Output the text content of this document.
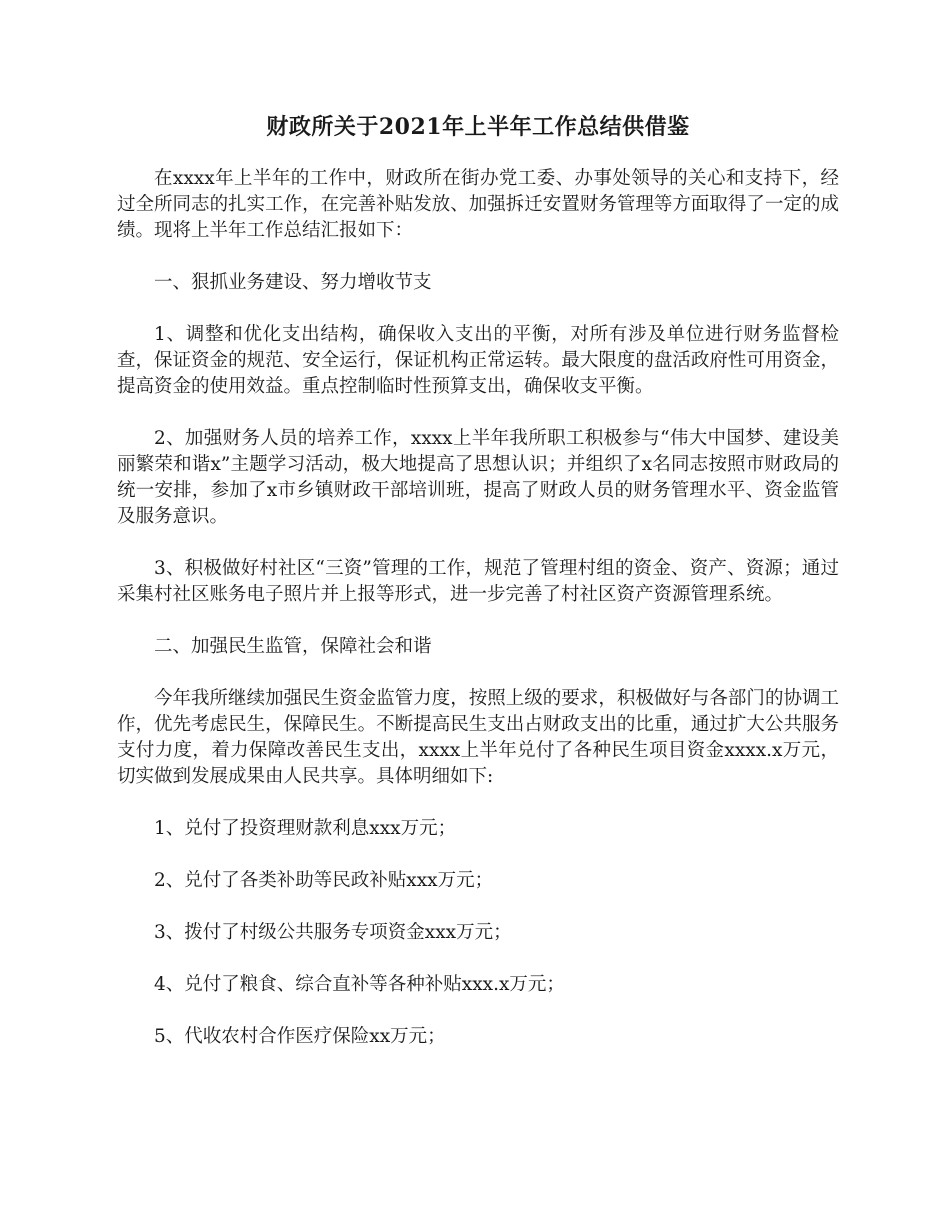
财政所关于2021年上半年工作总结供借鉴

在xxxx年上半年的工作中，财政所在街办党工委、办事处领导的关心和支持下，经过全所同志的扎实工作，在完善补贴发放、加强拆迁安置财务管理等方面取得了一定的成绩。现将上半年工作总结汇报如下：

一、狠抓业务建设、努力增收节支

1、调整和优化支出结构，确保收入支出的平衡，对所有涉及单位进行财务监督检查，保证资金的规范、安全运行，保证机构正常运转。最大限度的盘活政府性可用资金，提高资金的使用效益。重点控制临时性预算支出，确保收支平衡。

2、加强财务人员的培养工作，xxxx上半年我所职工积极参与“伟大中国梦、建设美丽繁荣和谐x”主题学习活动，极大地提高了思想认识；并组织了x名同志按照市财政局的统一安排，参加了x市乡镇财政干部培训班，提高了财政人员的财务管理水平、资金监管及服务意识。

3、积极做好村社区“三资”管理的工作，规范了管理村组的资金、资产、资源；通过采集村社区账务电子照片并上报等形式，进一步完善了村社区资产资源管理系统。

二、加强民生监管，保障社会和谐

今年我所继续加强民生资金监管力度，按照上级的要求，积极做好与各部门的协调工作，优先考虑民生，保障民生。不断提高民生支出占财政支出的比重，通过扩大公共服务支付力度，着力保障改善民生支出，xxxx上半年兑付了各种民生项目资金xxxx.x万元，切实做到发展成果由人民共享。具体明细如下:

1、兑付了投资理财款利息xxx万元；

2、兑付了各类补助等民政补贴xxx万元；

3、拨付了村级公共服务专项资金xxx万元；

4、兑付了粮食、综合直补等各种补贴xxx.x万元；

5、代收农村合作医疗保险xx万元；
